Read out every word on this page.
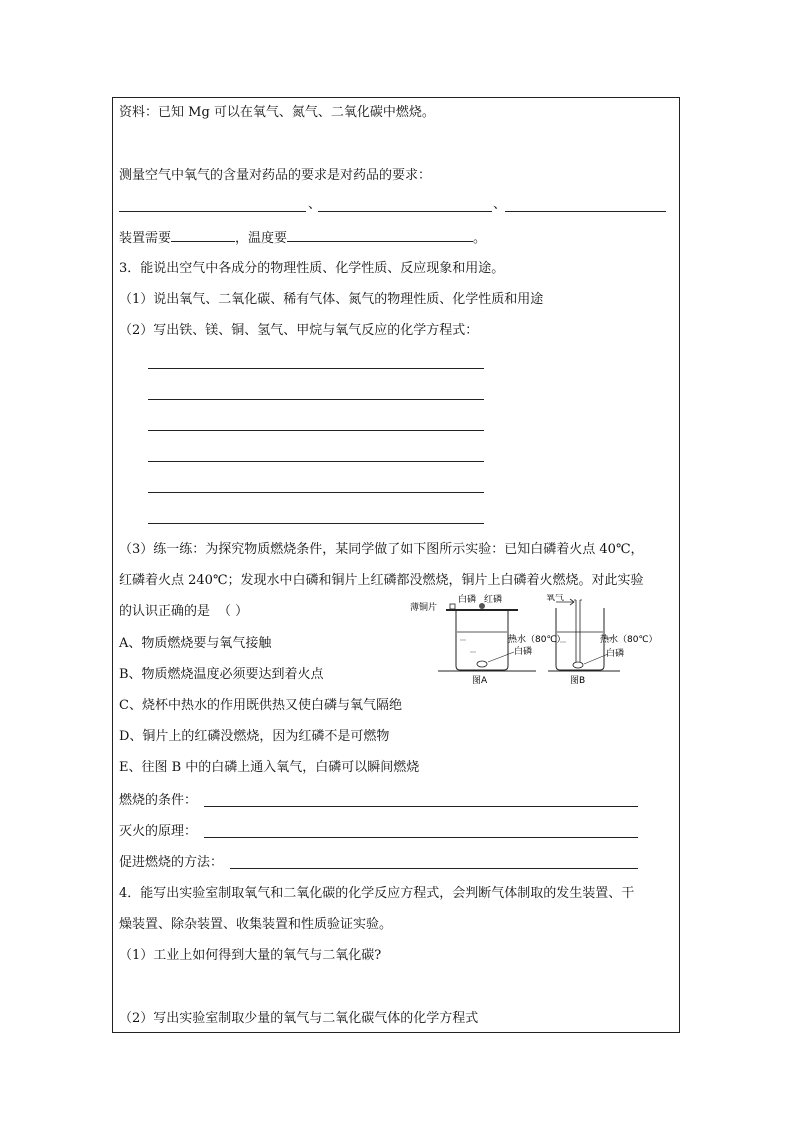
资料：已知 Mg 可以在氧气、氮气、二氧化碳中燃烧。
测量空气中氧气的含量对药品的要求是对药品的要求：
、	、
装置需要	，温度要	。
3．能说出空气中各成分的物理性质、化学性质、反应现象和用途。
（1）说出氧气、二氧化碳、稀有气体、氮气的物理性质、化学性质和用途
（2）写出铁、镁、铜、氢气、甲烷与氧气反应的化学方程式：
（3）练一练：为探究物质燃烧条件，某同学做了如下图所示实验：已知白磷着火点 40℃，
红磷着火点 240℃；发现水中白磷和铜片上红磷都没燃烧，铜片上白磷着火燃烧。对此实验
的认识正确的是 （ ）
A、物质燃烧要与氧气接触
B、物质燃烧温度必须要达到着火点
C、烧杯中热水的作用既供热又使白磷与氧气隔绝
D、铜片上的红磷没燃烧，因为红磷不是可燃物
E、往图 B 中的白磷上通入氧气，白磷可以瞬间燃烧
薄铜片
白磷 红磷	氧气
热水（80℃）
白磷
热水（80℃）
白磷
图A	图B
燃烧的条件：
灭火的原理：
促进燃烧的方法：
4．能写出实验室制取氧气和二氧化碳的化学反应方程式，会判断气体制取的发生装置、干
燥装置、除杂装置、收集装置和性质验证实验。
（1）工业上如何得到大量的氧气与二氧化碳?
（2）写出实验室制取少量的氧气与二氧化碳气体的化学方程式
